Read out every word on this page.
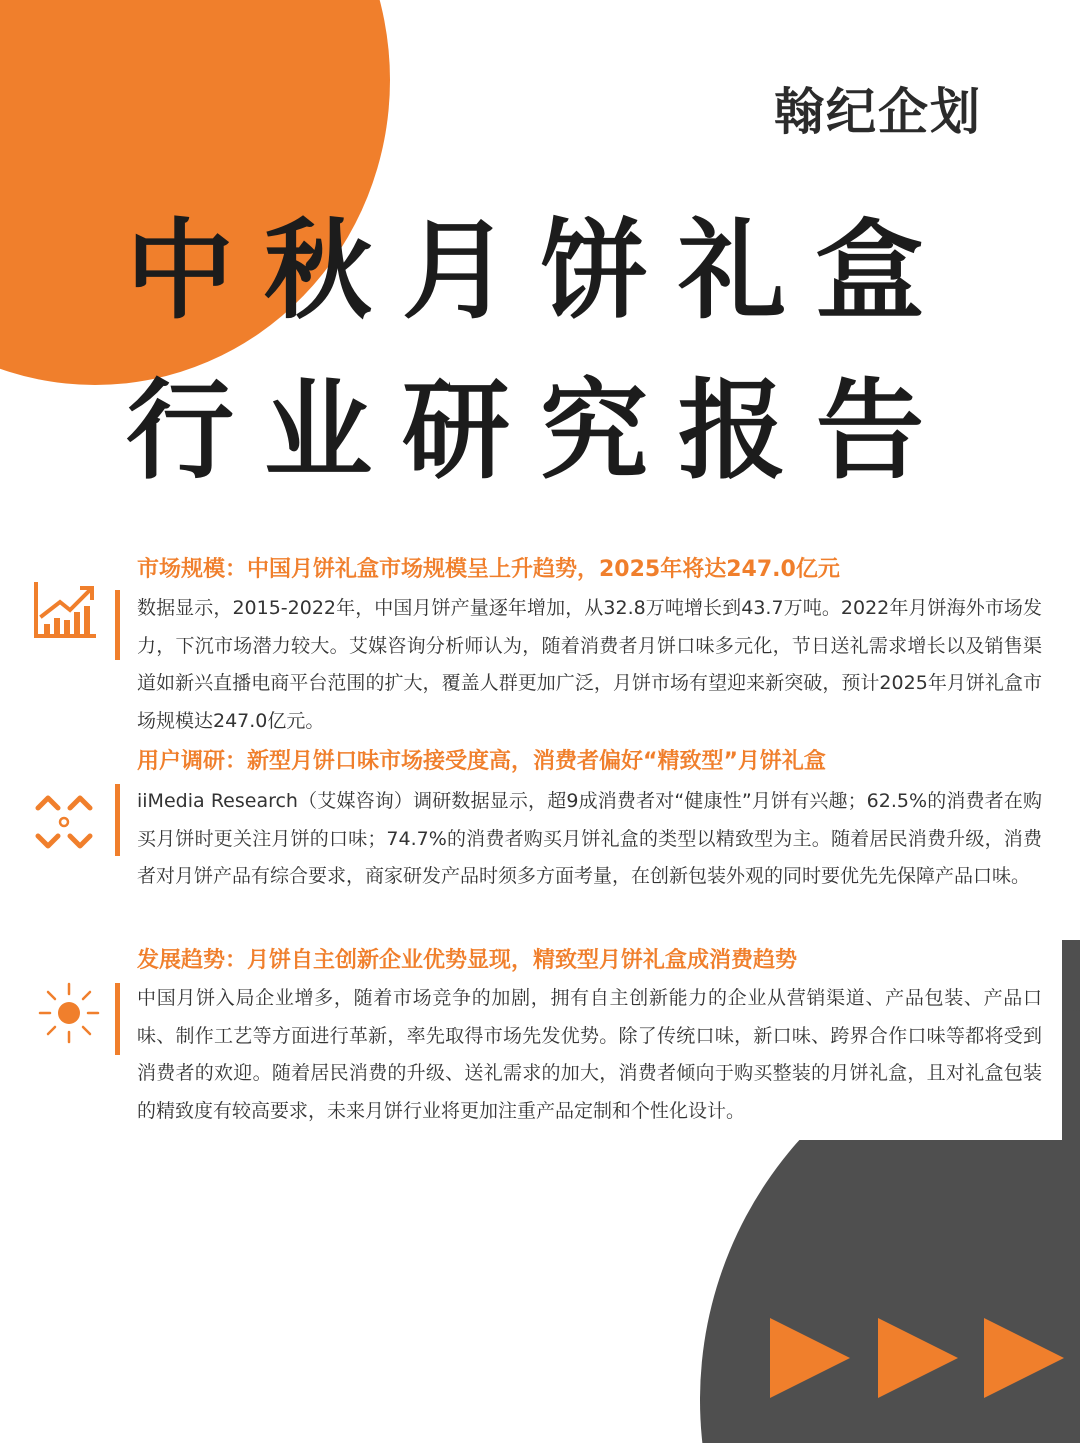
翰纪企划
中秋月饼礼盒
行业研究报告
市场规模：中国月饼礼盒市场规模呈上升趋势，2025年将达247.0亿元
数据显示，2015-2022年，中国月饼产量逐年增加，从32.8万吨增长到43.7万吨。2022年月饼海外市场发力，下沉市场潜力较大。艾媒咨询分析师认为，随着消费者月饼口味多元化，节日送礼需求增长以及销售渠道如新兴直播电商平台范围的扩大，覆盖人群更加广泛，月饼市场有望迎来新突破，预计2025年月饼礼盒市场规模达247.0亿元。
用户调研：新型月饼口味市场接受度高，消费者偏好“精致型”月饼礼盒
iiMedia Research（艾媒咨询）调研数据显示，超9成消费者对“健康性”月饼有兴趣；62.5%的消费者在购买月饼时更关注月饼的口味；74.7%的消费者购买月饼礼盒的类型以精致型为主。随着居民消费升级，消费者对月饼产品有综合要求，商家研发产品时须多方面考量，在创新包装外观的同时要优先先保障产品口味。
发展趋势：月饼自主创新企业优势显现，精致型月饼礼盒成消费趋势
中国月饼入局企业增多，随着市场竞争的加剧，拥有自主创新能力的企业从营销渠道、产品包装、产品口味、制作工艺等方面进行革新，率先取得市场先发优势。除了传统口味，新口味、跨界合作口味等都将受到消费者的欢迎。随着居民消费的升级、送礼需求的加大，消费者倾向于购买整装的月饼礼盒，且对礼盒包装的精致度有较高要求，未来月饼行业将更加注重产品定制和个性化设计。
